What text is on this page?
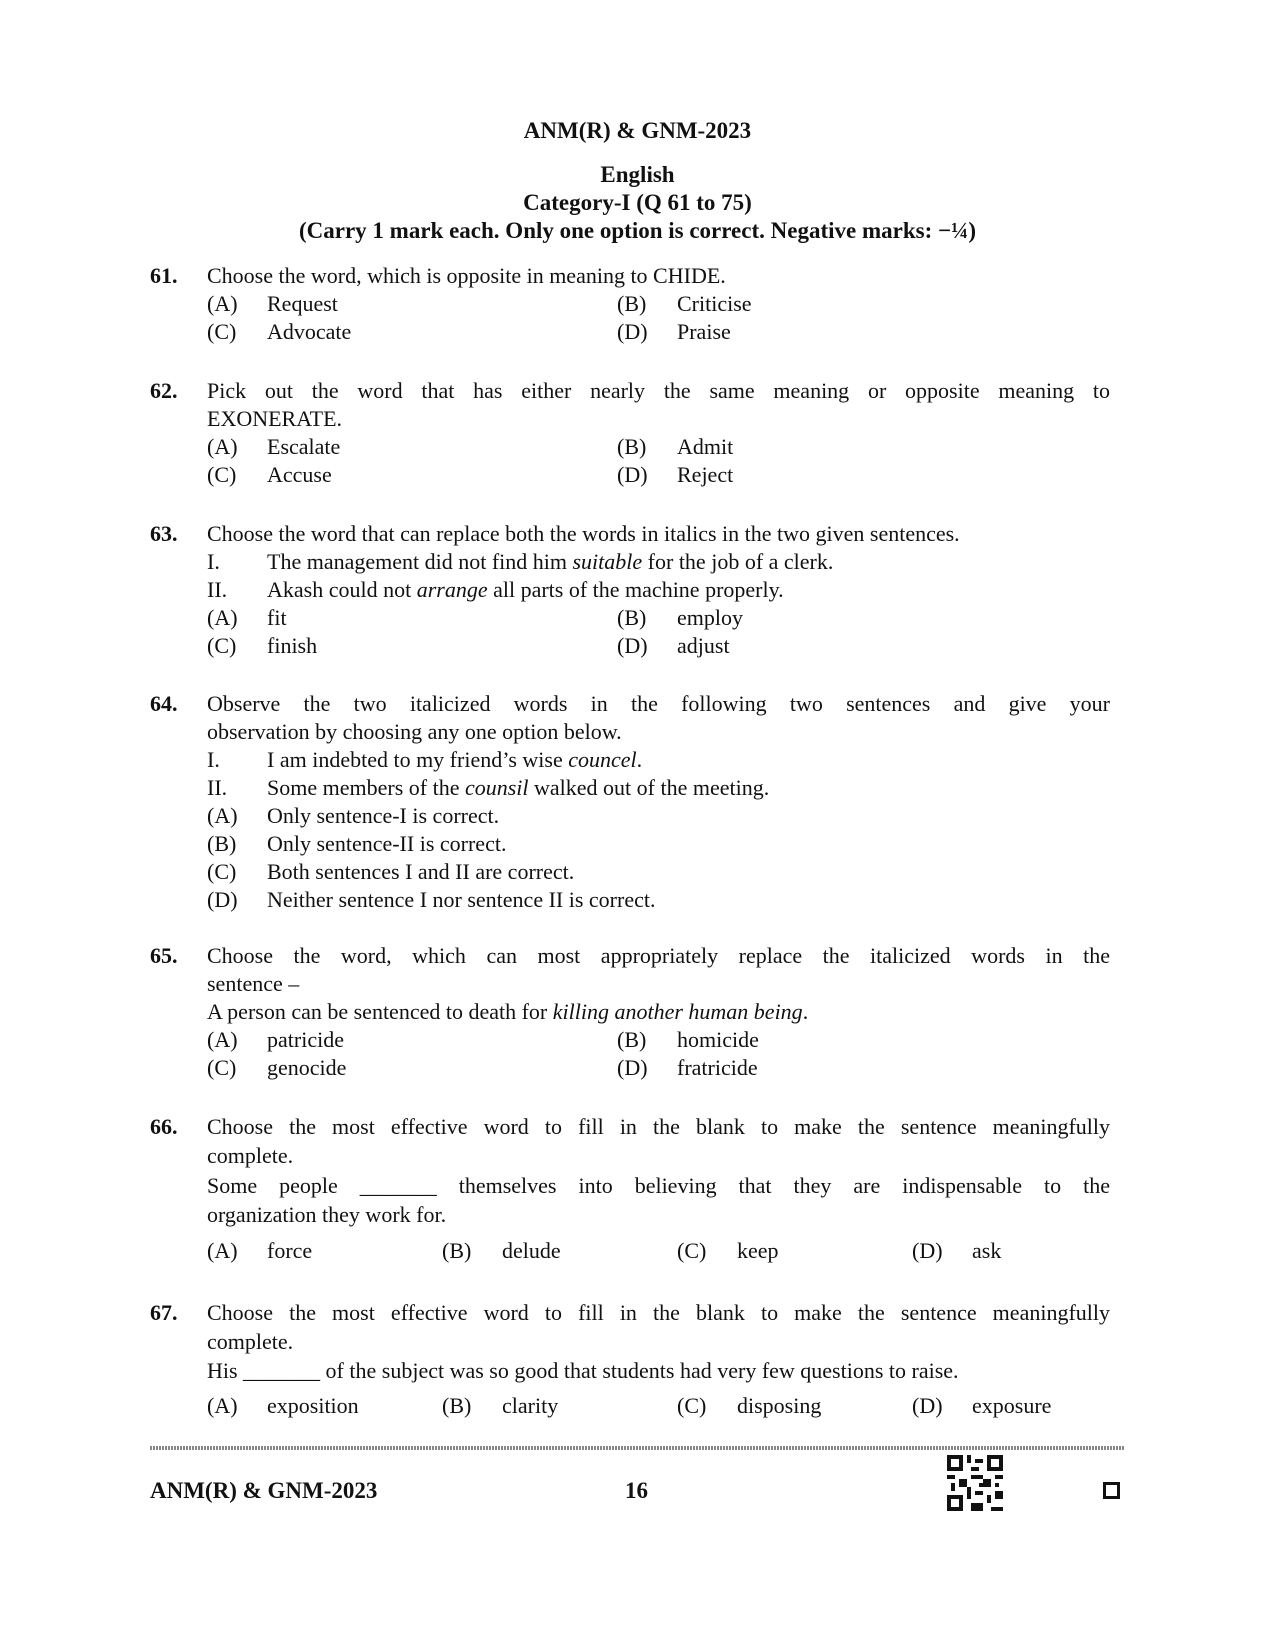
ANM(R) & GNM-2023
English
Category-I (Q 61 to 75)
(Carry 1 mark each. Only one option is correct. Negative marks: −¼)
61. Choose the word, which is opposite in meaning to CHIDE.
(A) Request	(B) Criticise
(C) Advocate	(D) Praise
62. Pick out the word that has either nearly the same meaning or opposite meaning to
EXONERATE.
(A) Escalate	(B) Admit
(C) Accuse	(D) Reject
63. Choose the word that can replace both the words in italics in the two given sentences.
I. The management did not find him suitable for the job of a clerk.
II. Akash could not arrange all parts of the machine properly.
(A) fit	(B) employ
(C) finish	(D) adjust
64. Observe the two italicized words in the following two sentences and give your
observation by choosing any one option below.
I. I am indebted to my friend’s wise councel.
II. Some members of the counsil walked out of the meeting.
(A) Only sentence-I is correct.
(B) Only sentence-II is correct.
(C) Both sentences I and II are correct.
(D) Neither sentence I nor sentence II is correct.
65. Choose the word, which can most appropriately replace the italicized words in the
sentence –
A person can be sentenced to death for killing another human being.
(A) patricide	(B) homicide
(C) genocide	(D) fratricide
66. Choose the most effective word to fill in the blank to make the sentence meaningfully
complete.
Some people _______ themselves into believing that they are indispensable to the
organization they work for.
(A) force	(B) delude	(C) keep	(D) ask
67. Choose the most effective word to fill in the blank to make the sentence meaningfully
complete.
His _______ of the subject was so good that students had very few questions to raise.
(A) exposition	(B) clarity	(C) disposing	(D) exposure
ANM(R) & GNM-2023	16
